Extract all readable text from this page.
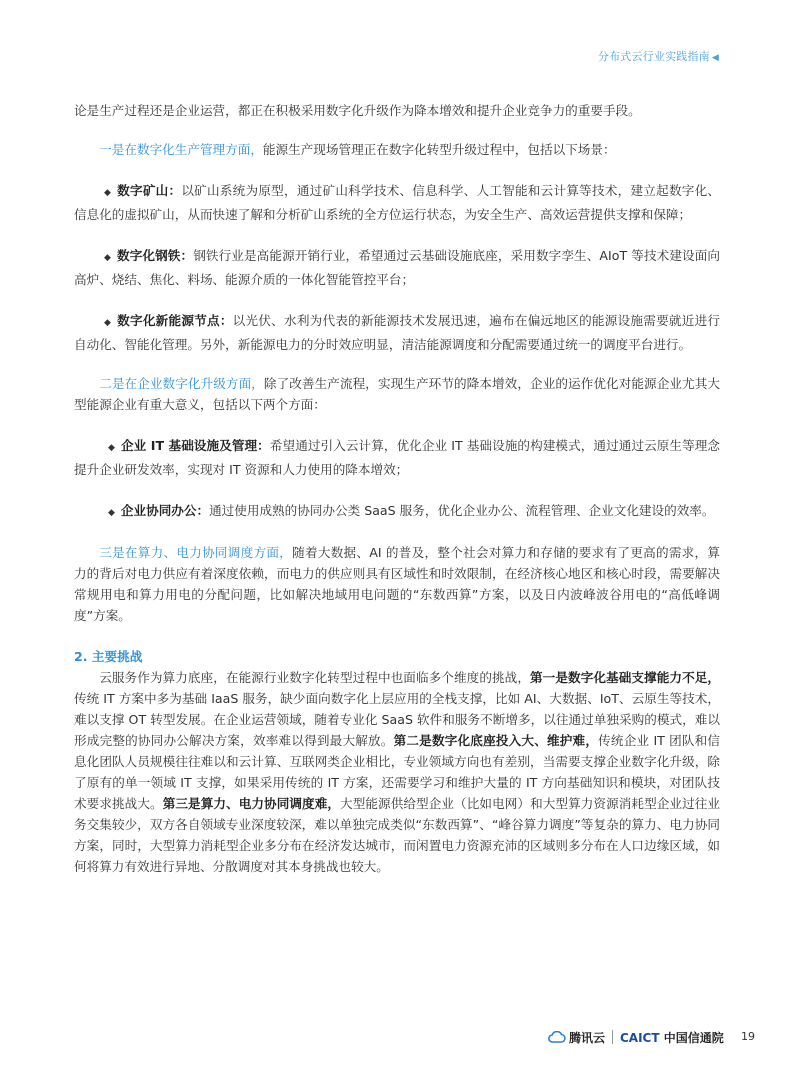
分布式云行业实践指南 ◀

论是生产过程还是企业运营，都正在积极采用数字化升级作为降本增效和提升企业竞争力的重要手段。

一是在数字化生产管理方面，能源生产现场管理正在数字化转型升级过程中，包括以下场景：

◆ 数字矿山：以矿山系统为原型，通过矿山科学技术、信息科学、人工智能和云计算等技术，建立起数字化、信息化的虚拟矿山，从而快速了解和分析矿山系统的全方位运行状态，为安全生产、高效运营提供支撑和保障；

◆ 数字化钢铁：钢铁行业是高能源开销行业，希望通过云基础设施底座，采用数字孪生、AIoT 等技术建设面向高炉、烧结、焦化、料场、能源介质的一体化智能管控平台；

◆ 数字化新能源节点：以光伏、水利为代表的新能源技术发展迅速，遍布在偏远地区的能源设施需要就近进行自动化、智能化管理。另外，新能源电力的分时效应明显，清洁能源调度和分配需要通过统一的调度平台进行。

二是在企业数字化升级方面，除了改善生产流程，实现生产环节的降本增效，企业的运作优化对能源企业尤其大型能源企业有重大意义，包括以下两个方面：

◆ 企业 IT 基础设施及管理：希望通过引入云计算，优化企业 IT 基础设施的构建模式，通过通过云原生等理念提升企业研发效率，实现对 IT 资源和人力使用的降本增效；

◆ 企业协同办公：通过使用成熟的协同办公类 SaaS 服务，优化企业办公、流程管理、企业文化建设的效率。

三是在算力、电力协同调度方面，随着大数据、AI 的普及，整个社会对算力和存储的要求有了更高的需求，算力的背后对电力供应有着深度依赖，而电力的供应则具有区域性和时效限制，在经济核心地区和核心时段，需要解决常规用电和算力用电的分配问题，比如解决地域用电问题的“东数西算”方案，以及日内波峰波谷用电的“高低峰调度”方案。

2. 主要挑战

云服务作为算力底座，在能源行业数字化转型过程中也面临多个维度的挑战，第一是数字化基础支撑能力不足，传统 IT 方案中多为基础 IaaS 服务，缺少面向数字化上层应用的全栈支撑，比如 AI、大数据、IoT、云原生等技术，难以支撑 OT 转型发展。在企业运营领域，随着专业化 SaaS 软件和服务不断增多，以往通过单独采购的模式，难以形成完整的协同办公解决方案，效率难以得到最大解放。第二是数字化底座投入大、维护难，传统企业 IT 团队和信息化团队人员规模往往难以和云计算、互联网类企业相比，专业领域方向也有差别，当需要支撑企业数字化升级，除了原有的单一领域 IT 支撑，如果采用传统的 IT 方案，还需要学习和维护大量的 IT 方向基础知识和模块，对团队技术要求挑战大。第三是算力、电力协同调度难，大型能源供给型企业（比如电网）和大型算力资源消耗型企业过往业务交集较少，双方各自领域专业深度较深，难以单独完成类似“东数西算”、“峰谷算力调度”等复杂的算力、电力协同方案，同时，大型算力消耗型企业多分布在经济发达城市，而闲置电力资源充沛的区域则多分布在人口边缘区域，如何将算力有效进行异地、分散调度对其本身挑战也较大。

腾讯云 CAICT 中国信通院 19
